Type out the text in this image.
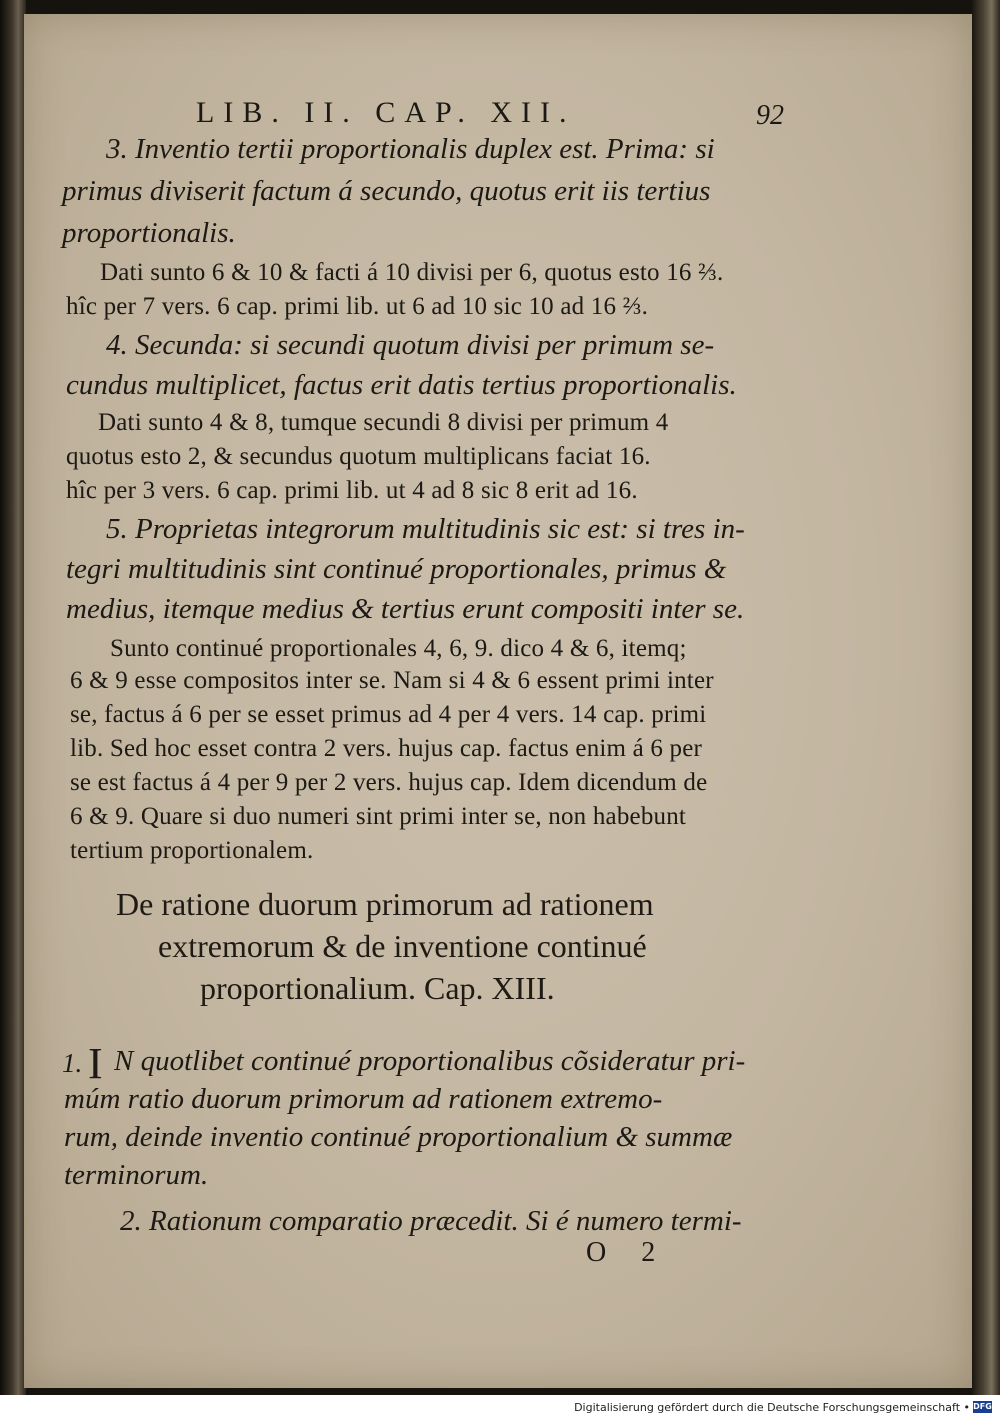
LIB. II. CAP. XII.	92
3. Inventio tertii proportionalis duplex est. Prima: si
primus diviserit factum á secundo, quotus erit iis tertius
proportionalis.
Dati sunto 6 & 10 & facti á 10 divisi per 6, quotus esto 16 ⅔.
hîc per 7 vers. 6 cap. primi lib. ut 6 ad 10 sic 10 ad 16 ⅔.
4. Secunda: si secundi quotum divisi per primum se-
cundus multiplicet, factus erit datis tertius proportionalis.
Dati sunto 4 & 8, tumque secundi 8 divisi per primum 4
quotus esto 2, & secundus quotum multiplicans faciat 16.
hîc per 3 vers. 6 cap. primi lib. ut 4 ad 8 sic 8 erit ad 16.
5. Proprietas integrorum multitudinis sic est: si tres in-
tegri multitudinis sint continué proportionales, primus &
medius, itemque medius & tertius erunt compositi inter se.
Sunto continué proportionales 4, 6, 9. dico 4 & 6, itemq;
6 & 9 esse compositos inter se. Nam si 4 & 6 essent primi inter
se, factus á 6 per se esset primus ad 4 per 4 vers. 14 cap. primi
lib. Sed hoc esset contra 2 vers. hujus cap. factus enim á 6 per
se est factus á 4 per 9 per 2 vers. hujus cap. Idem dicendum de
6 & 9. Quare si duo numeri sint primi inter se, non habebunt
tertium proportionalem.
De ratione duorum primorum ad rationem
extremorum & de inventione continué
proportionalium. Cap. XIII.
1. I N quotlibet continué proportionalibus cõsideratur pri-
múm ratio duorum primorum ad rationem extremo-
rum, deinde inventio continué proportionalium & summæ
terminorum.
2. Rationum comparatio præcedit. Si é numero termi-
O 2
Digitalisierung gefördert durch die Deutsche Forschungsgemeinschaft • DFG
